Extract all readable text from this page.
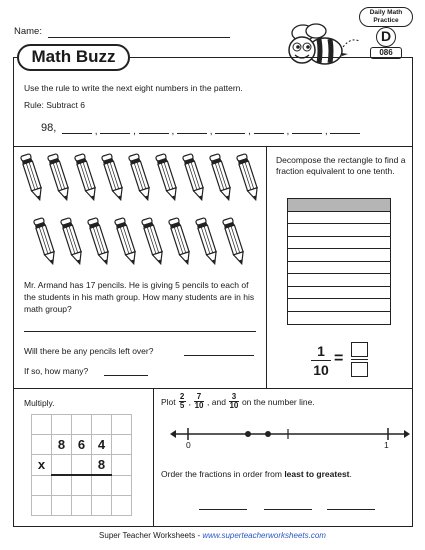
Name:
Math Buzz
Daily Math Practice
D
086
Use the rule to write the next eight numbers in the pattern.
Rule: Subtract 6
98,	,	,	,	,	,	,	,
Mr. Armand has 17 pencils. He is giving 5 pencils to each of the students in his math group. How many students are in his math group?
Will there be any pencils left over?
If so, how many?
Decompose the rectangle to find a fraction equivalent to one tenth.
1
10
=
Multiply.

	8	6	4	
x			8	

Plot 2
5 , 7
10 , and 3
10 on the number line.
0	1
Order the fractions in order from least to greatest.
Super Teacher Worksheets - www.superteacherworksheets.com
